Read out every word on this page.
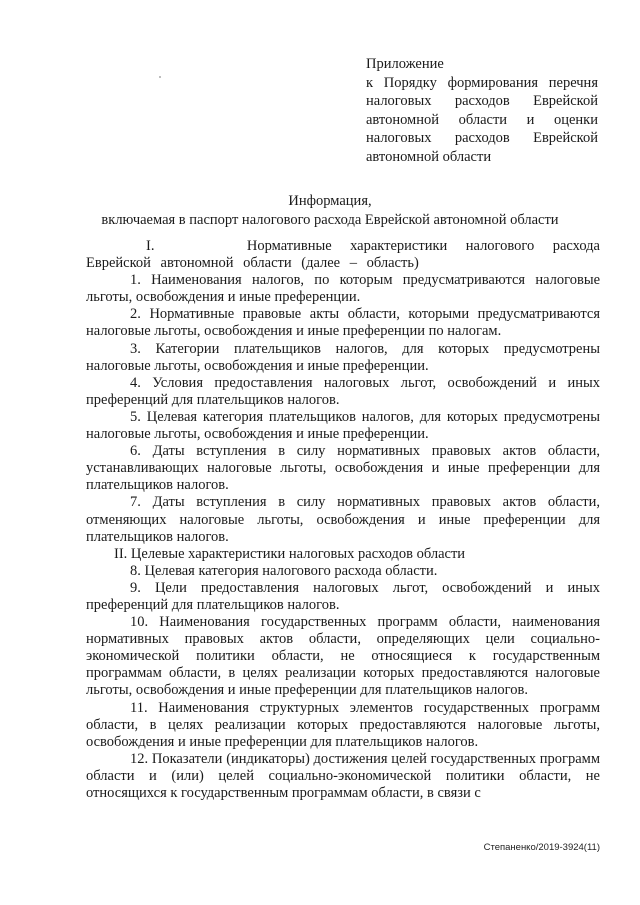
Приложение
к Порядку формирования перечня налоговых расходов Еврейской автономной области и оценки налоговых расходов Еврейской автономной области
Информация,
включаемая в паспорт налогового расхода Еврейской автономной области

I.     Нормативные характеристики налогового расхода Еврейской автономной области (далее – область)

1. Наименования налогов, по которым предусматриваются налоговые льготы, освобождения и иные преференции.

2. Нормативные правовые акты области, которыми предусматриваются налоговые льготы, освобождения и иные преференции по налогам.

3. Категории плательщиков налогов, для которых предусмотрены налоговые льготы, освобождения и иные преференции.

4. Условия предоставления налоговых льгот, освобождений и иных преференций для плательщиков налогов.

5. Целевая категория плательщиков налогов, для которых предусмотрены налоговые льготы, освобождения и иные преференции.

6. Даты вступления в силу нормативных правовых актов области, устанавливающих налоговые льготы, освобождения и иные преференции для плательщиков налогов.

7. Даты вступления в силу нормативных правовых актов области, отменяющих налоговые льготы, освобождения и иные преференции для плательщиков налогов.

II. Целевые характеристики налоговых расходов области

8. Целевая категория налогового расхода области.

9. Цели предоставления налоговых льгот, освобождений и иных преференций для плательщиков налогов.

10. Наименования государственных программ области, наименования нормативных правовых актов области, определяющих цели социально-экономической политики области, не относящиеся к государственным программам области, в целях реализации которых предоставляются налоговые льготы, освобождения и иные преференции для плательщиков налогов.

11. Наименования структурных элементов государственных программ области, в целях реализации которых предоставляются налоговые льготы, освобождения и иные преференции для плательщиков налогов.

12. Показатели (индикаторы) достижения целей государственных программ области и (или) целей социально-экономической политики области, не относящихся к государственным программам области, в связи с

Степаненко/2019-3924(11)
